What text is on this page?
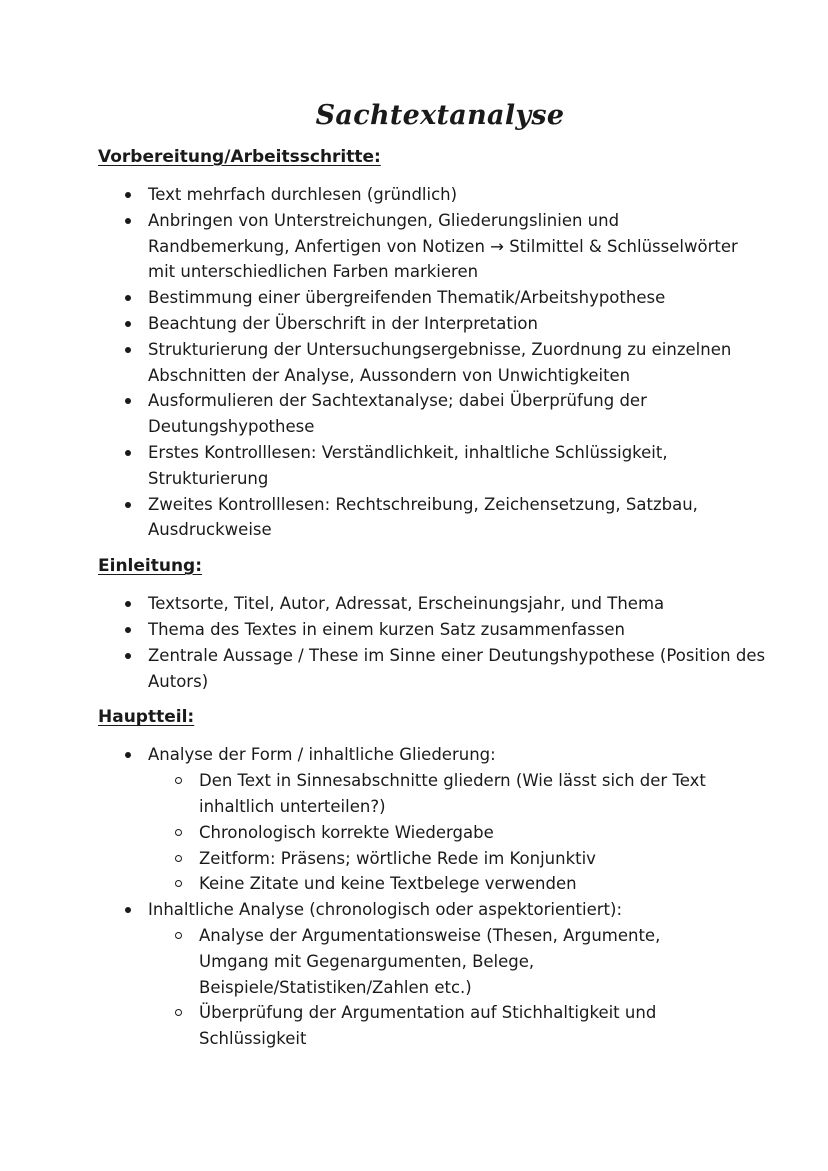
Sachtextanalyse
Vorbereitung/Arbeitsschritte:
Text mehrfach durchlesen (gründlich)
Anbringen von Unterstreichungen, Gliederungslinien und Randbemerkung, Anfertigen von Notizen → Stilmittel & Schlüsselwörter mit unterschiedlichen Farben markieren
Bestimmung einer übergreifenden Thematik/Arbeitshypothese
Beachtung der Überschrift in der Interpretation
Strukturierung der Untersuchungsergebnisse, Zuordnung zu einzelnen Abschnitten der Analyse, Aussondern von Unwichtigkeiten
Ausformulieren der Sachtextanalyse; dabei Überprüfung der Deutungshypothese
Erstes Kontrolllesen: Verständlichkeit, inhaltliche Schlüssigkeit, Strukturierung
Zweites Kontrolllesen: Rechtschreibung, Zeichensetzung, Satzbau, Ausdruckweise
Einleitung:
Textsorte, Titel, Autor, Adressat, Erscheinungsjahr, und Thema
Thema des Textes in einem kurzen Satz zusammenfassen
Zentrale Aussage / These im Sinne einer Deutungshypothese (Position des Autors)
Hauptteil:
Analyse der Form / inhaltliche Gliederung:
Den Text in Sinnesabschnitte gliedern (Wie lässt sich der Text inhaltlich unterteilen?)
Chronologisch korrekte Wiedergabe
Zeitform: Präsens; wörtliche Rede im Konjunktiv
Keine Zitate und keine Textbelege verwenden
Inhaltliche Analyse (chronologisch oder aspektorientiert):
Analyse der Argumentationsweise (Thesen, Argumente, Umgang mit Gegenargumenten, Belege, Beispiele/Statistiken/Zahlen etc.)
Überprüfung der Argumentation auf Stichhaltigkeit und Schlüssigkeit
